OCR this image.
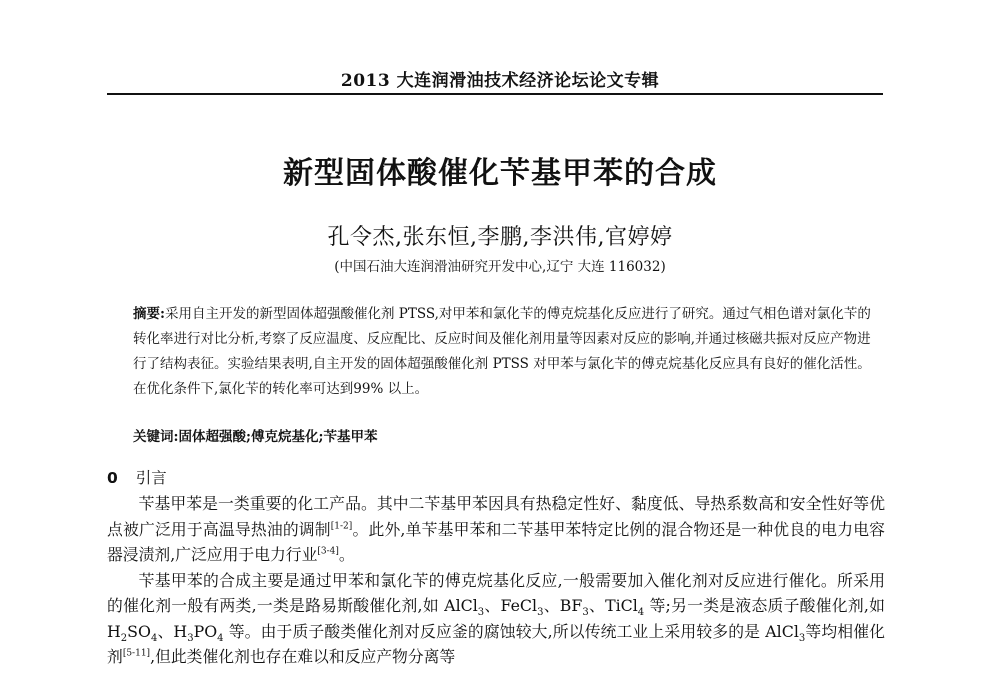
2013 大连润滑油技术经济论坛论文专辑
新型固体酸催化苄基甲苯的合成
孔令杰,张东恒,李鹏,李洪伟,官婷婷
(中国石油大连润滑油研究开发中心,辽宁 大连 116032)
摘要:采用自主开发的新型固体超强酸催化剂 PTSS,对甲苯和氯化苄的傅克烷基化反应进行了研究。通过气相色谱对氯化苄的转化率进行对比分析,考察了反应温度、反应配比、反应时间及催化剂用量等因素对反应的影响,并通过核磁共振对反应产物进行了结构表征。实验结果表明,自主开发的固体超强酸催化剂 PTSS 对甲苯与氯化苄的傅克烷基化反应具有良好的催化活性。在优化条件下,氯化苄的转化率可达到99% 以上。
关键词:固体超强酸;傅克烷基化;苄基甲苯
0 引言

苄基甲苯是一类重要的化工产品。其中二苄基甲苯因具有热稳定性好、黏度低、导热系数高和安全性好等优点被广泛用于高温导热油的调制[1-2]。此外,单苄基甲苯和二苄基甲苯特定比例的混合物还是一种优良的电力电容器浸渍剂,广泛应用于电力行业[3-4]。

苄基甲苯的合成主要是通过甲苯和氯化苄的傅克烷基化反应,一般需要加入催化剂对反应进行催化。所采用的催化剂一般有两类,一类是路易斯酸催化剂,如 AlCl$_3$、FeCl$_3$、$BF_3$、TiCl$_4$ 等;另一类是液态质子酸催化剂,如 $H_2SO_4$、$H_3PO_4$ 等。由于质子酸类催化剂对反应釜的腐蚀较大,所以传统工业上采用较多的是 AlCl$_3$等均相催化剂[5-11],但此类催化剂也存在难以和反应产物分离等
